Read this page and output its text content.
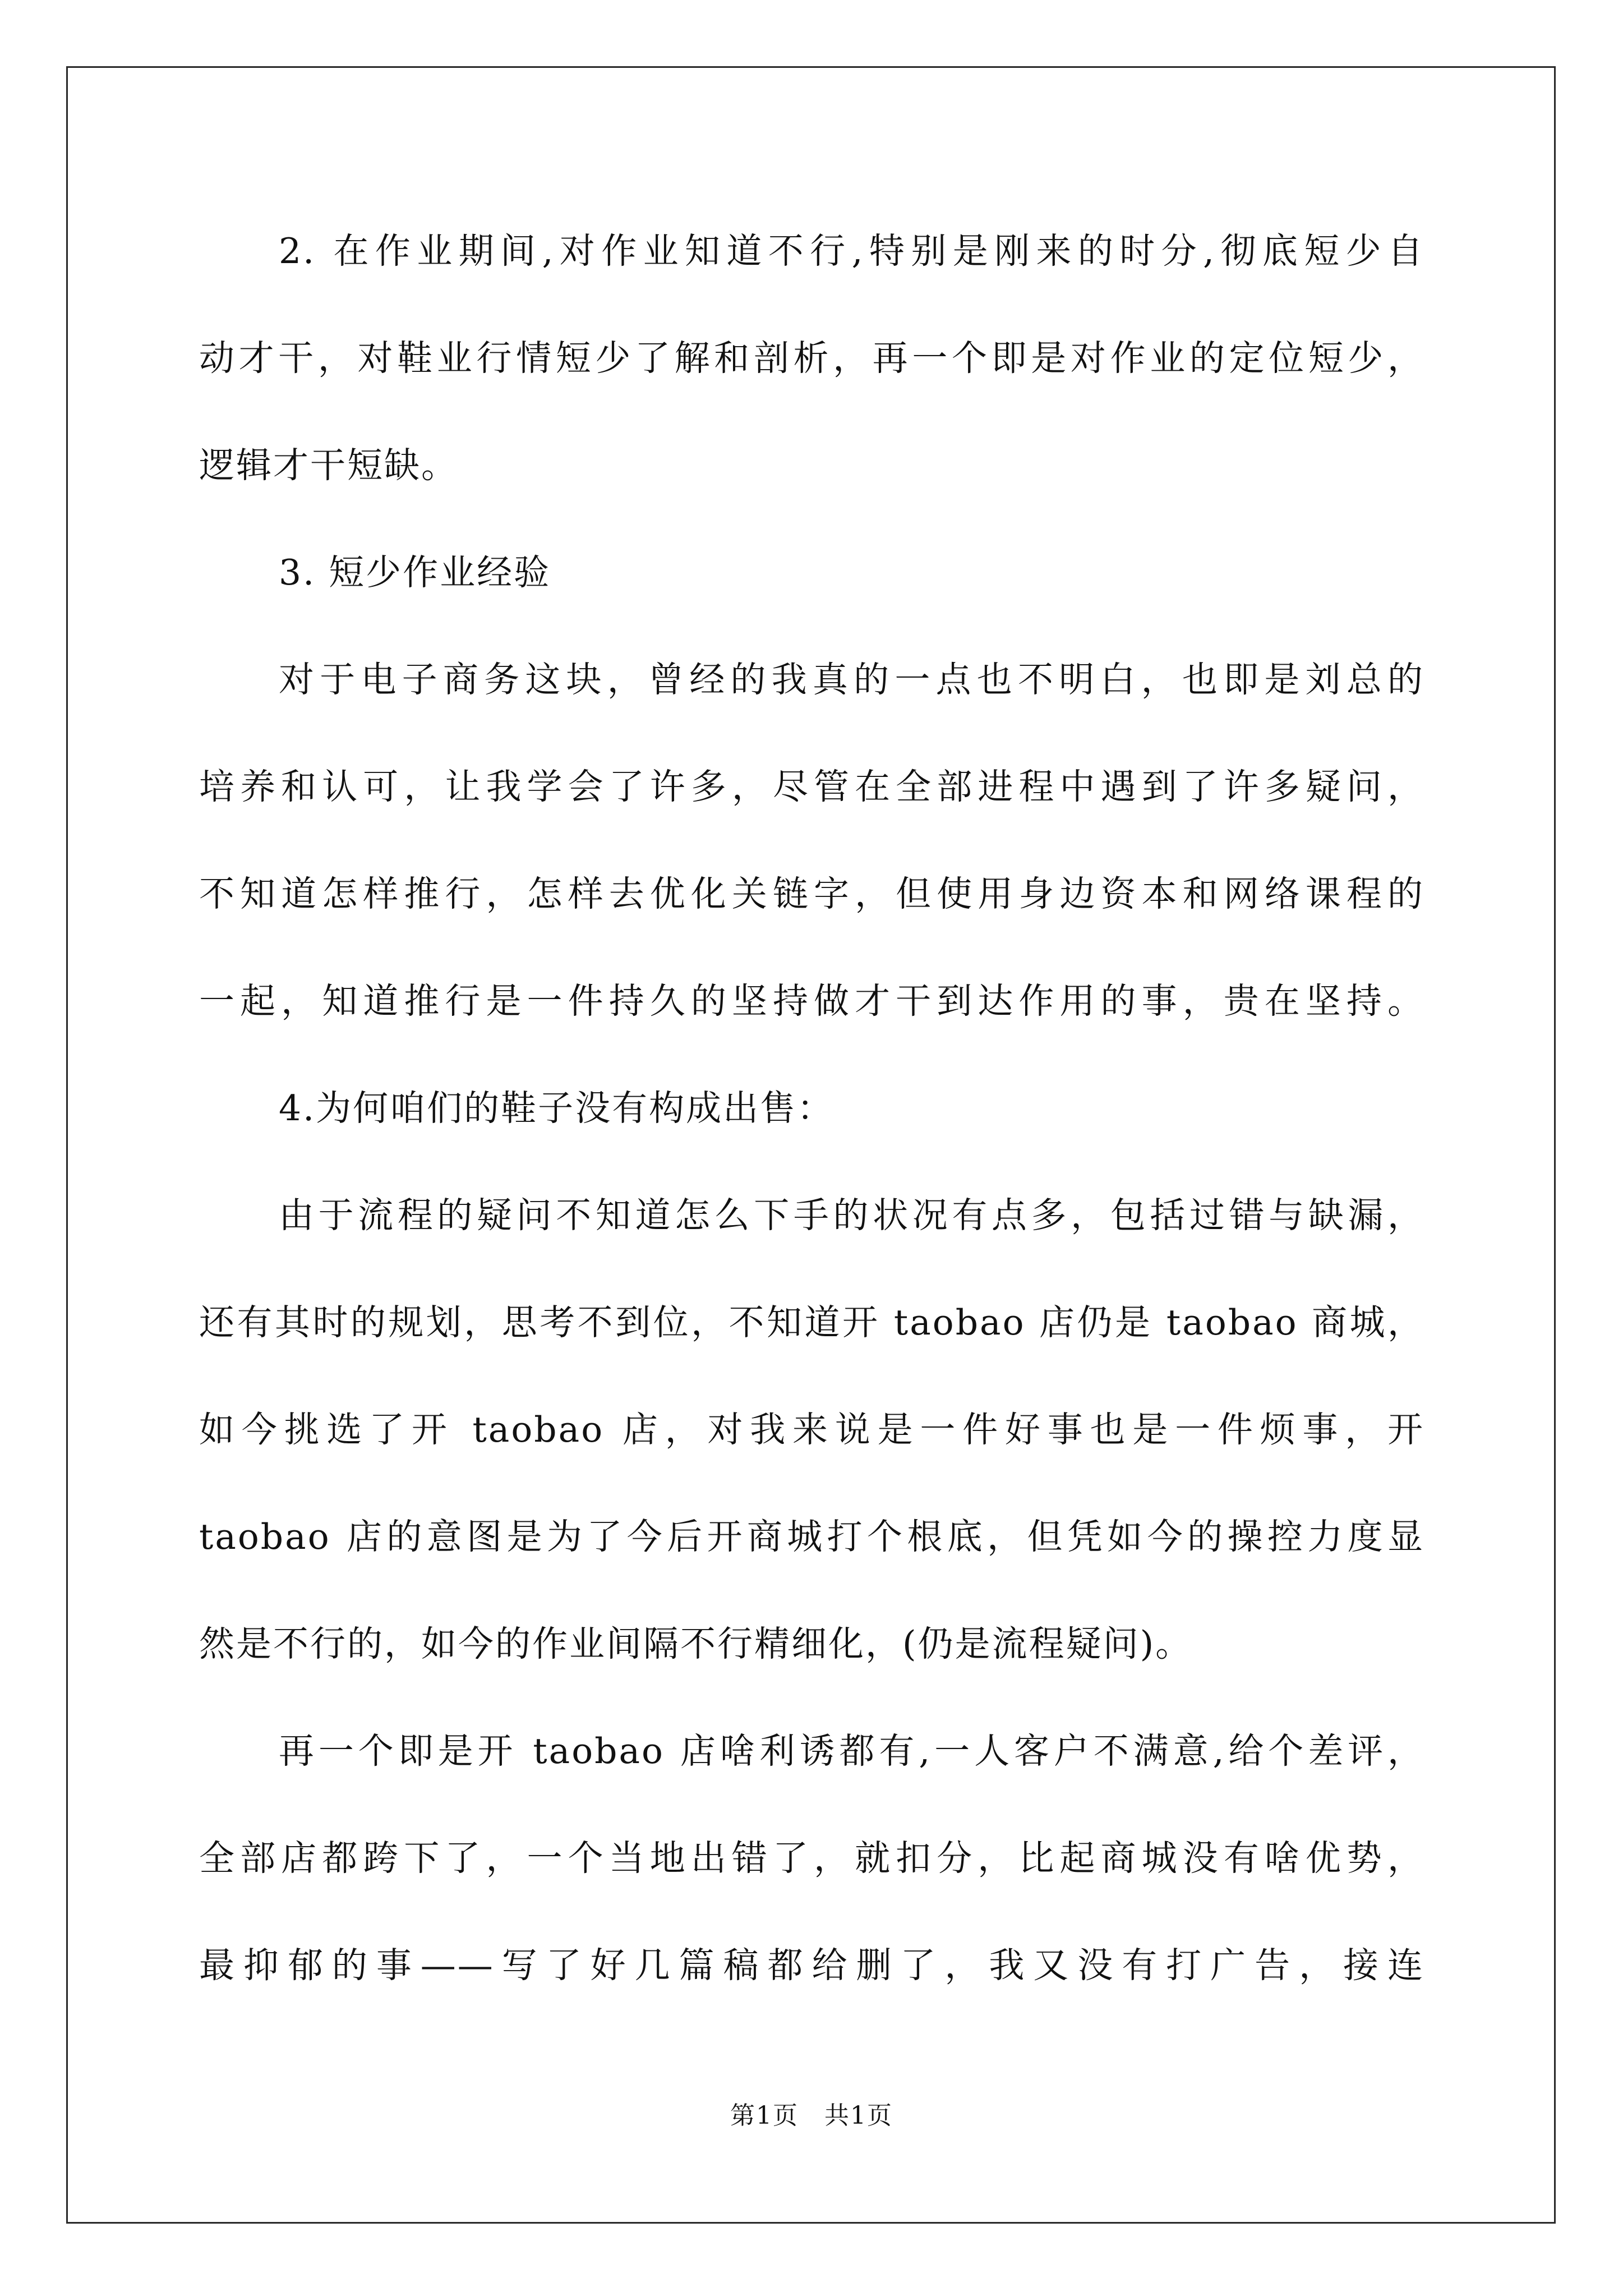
2. 在作业期间,对作业知道不行,特别是刚来的时分,彻底短少自
动才干，对鞋业行情短少了解和剖析，再一个即是对作业的定位短少，
逻辑才干短缺。
3. 短少作业经验
对于电子商务这块，曾经的我真的一点也不明白，也即是刘总的
培养和认可，让我学会了许多，尽管在全部进程中遇到了许多疑问，
不知道怎样推行，怎样去优化关链字，但使用身边资本和网络课程的
一起，知道推行是一件持久的坚持做才干到达作用的事，贵在坚持。
4.为何咱们的鞋子没有构成出售：
由于流程的疑问不知道怎么下手的状况有点多，包括过错与缺漏，
还有其时的规划，思考不到位，不知道开 taobao 店仍是 taobao 商城，
如今挑选了开 taobao 店，对我来说是一件好事也是一件烦事，开
taobao 店的意图是为了今后开商城打个根底，但凭如今的操控力度显
然是不行的，如今的作业间隔不行精细化，(仍是流程疑问)。
再一个即是开 taobao 店啥利诱都有,一人客户不满意,给个差评，
全部店都跨下了，一个当地出错了，就扣分，比起商城没有啥优势，
最抑郁的事——写了好几篇稿都给删了，我又没有打广告，接连
第1页　共1页
